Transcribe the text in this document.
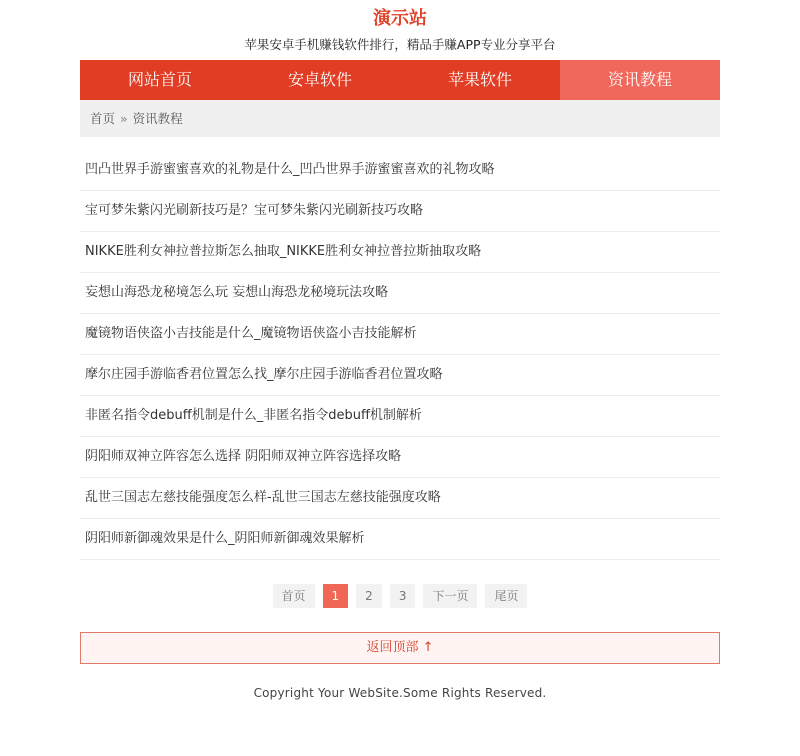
演示站
苹果安卓手机赚钱软件排行，精品手赚APP专业分享平台
网站首页	安卓软件	苹果软件	资讯教程
首页 » 资讯教程
凹凸世界手游蜜蜜喜欢的礼物是什么_凹凸世界手游蜜蜜喜欢的礼物攻略
宝可梦朱紫闪光刷新技巧是？宝可梦朱紫闪光刷新技巧攻略
NIKKE胜利女神拉普拉斯怎么抽取_NIKKE胜利女神拉普拉斯抽取攻略
妄想山海恐龙秘境怎么玩 妄想山海恐龙秘境玩法攻略
魔镜物语侠盗小吉技能是什么_魔镜物语侠盗小吉技能解析
摩尔庄园手游临香君位置怎么找_摩尔庄园手游临香君位置攻略
非匿名指令debuff机制是什么_非匿名指令debuff机制解析
阴阳师双神立阵容怎么选择 阴阳师双神立阵容选择攻略
乱世三国志左慈技能强度怎么样-乱世三国志左慈技能强度攻略
阴阳师新御魂效果是什么_阴阳师新御魂效果解析
首页	1	2	3	下一页	尾页
返回顶部 ↑
Copyright Your WebSite.Some Rights Reserved.
